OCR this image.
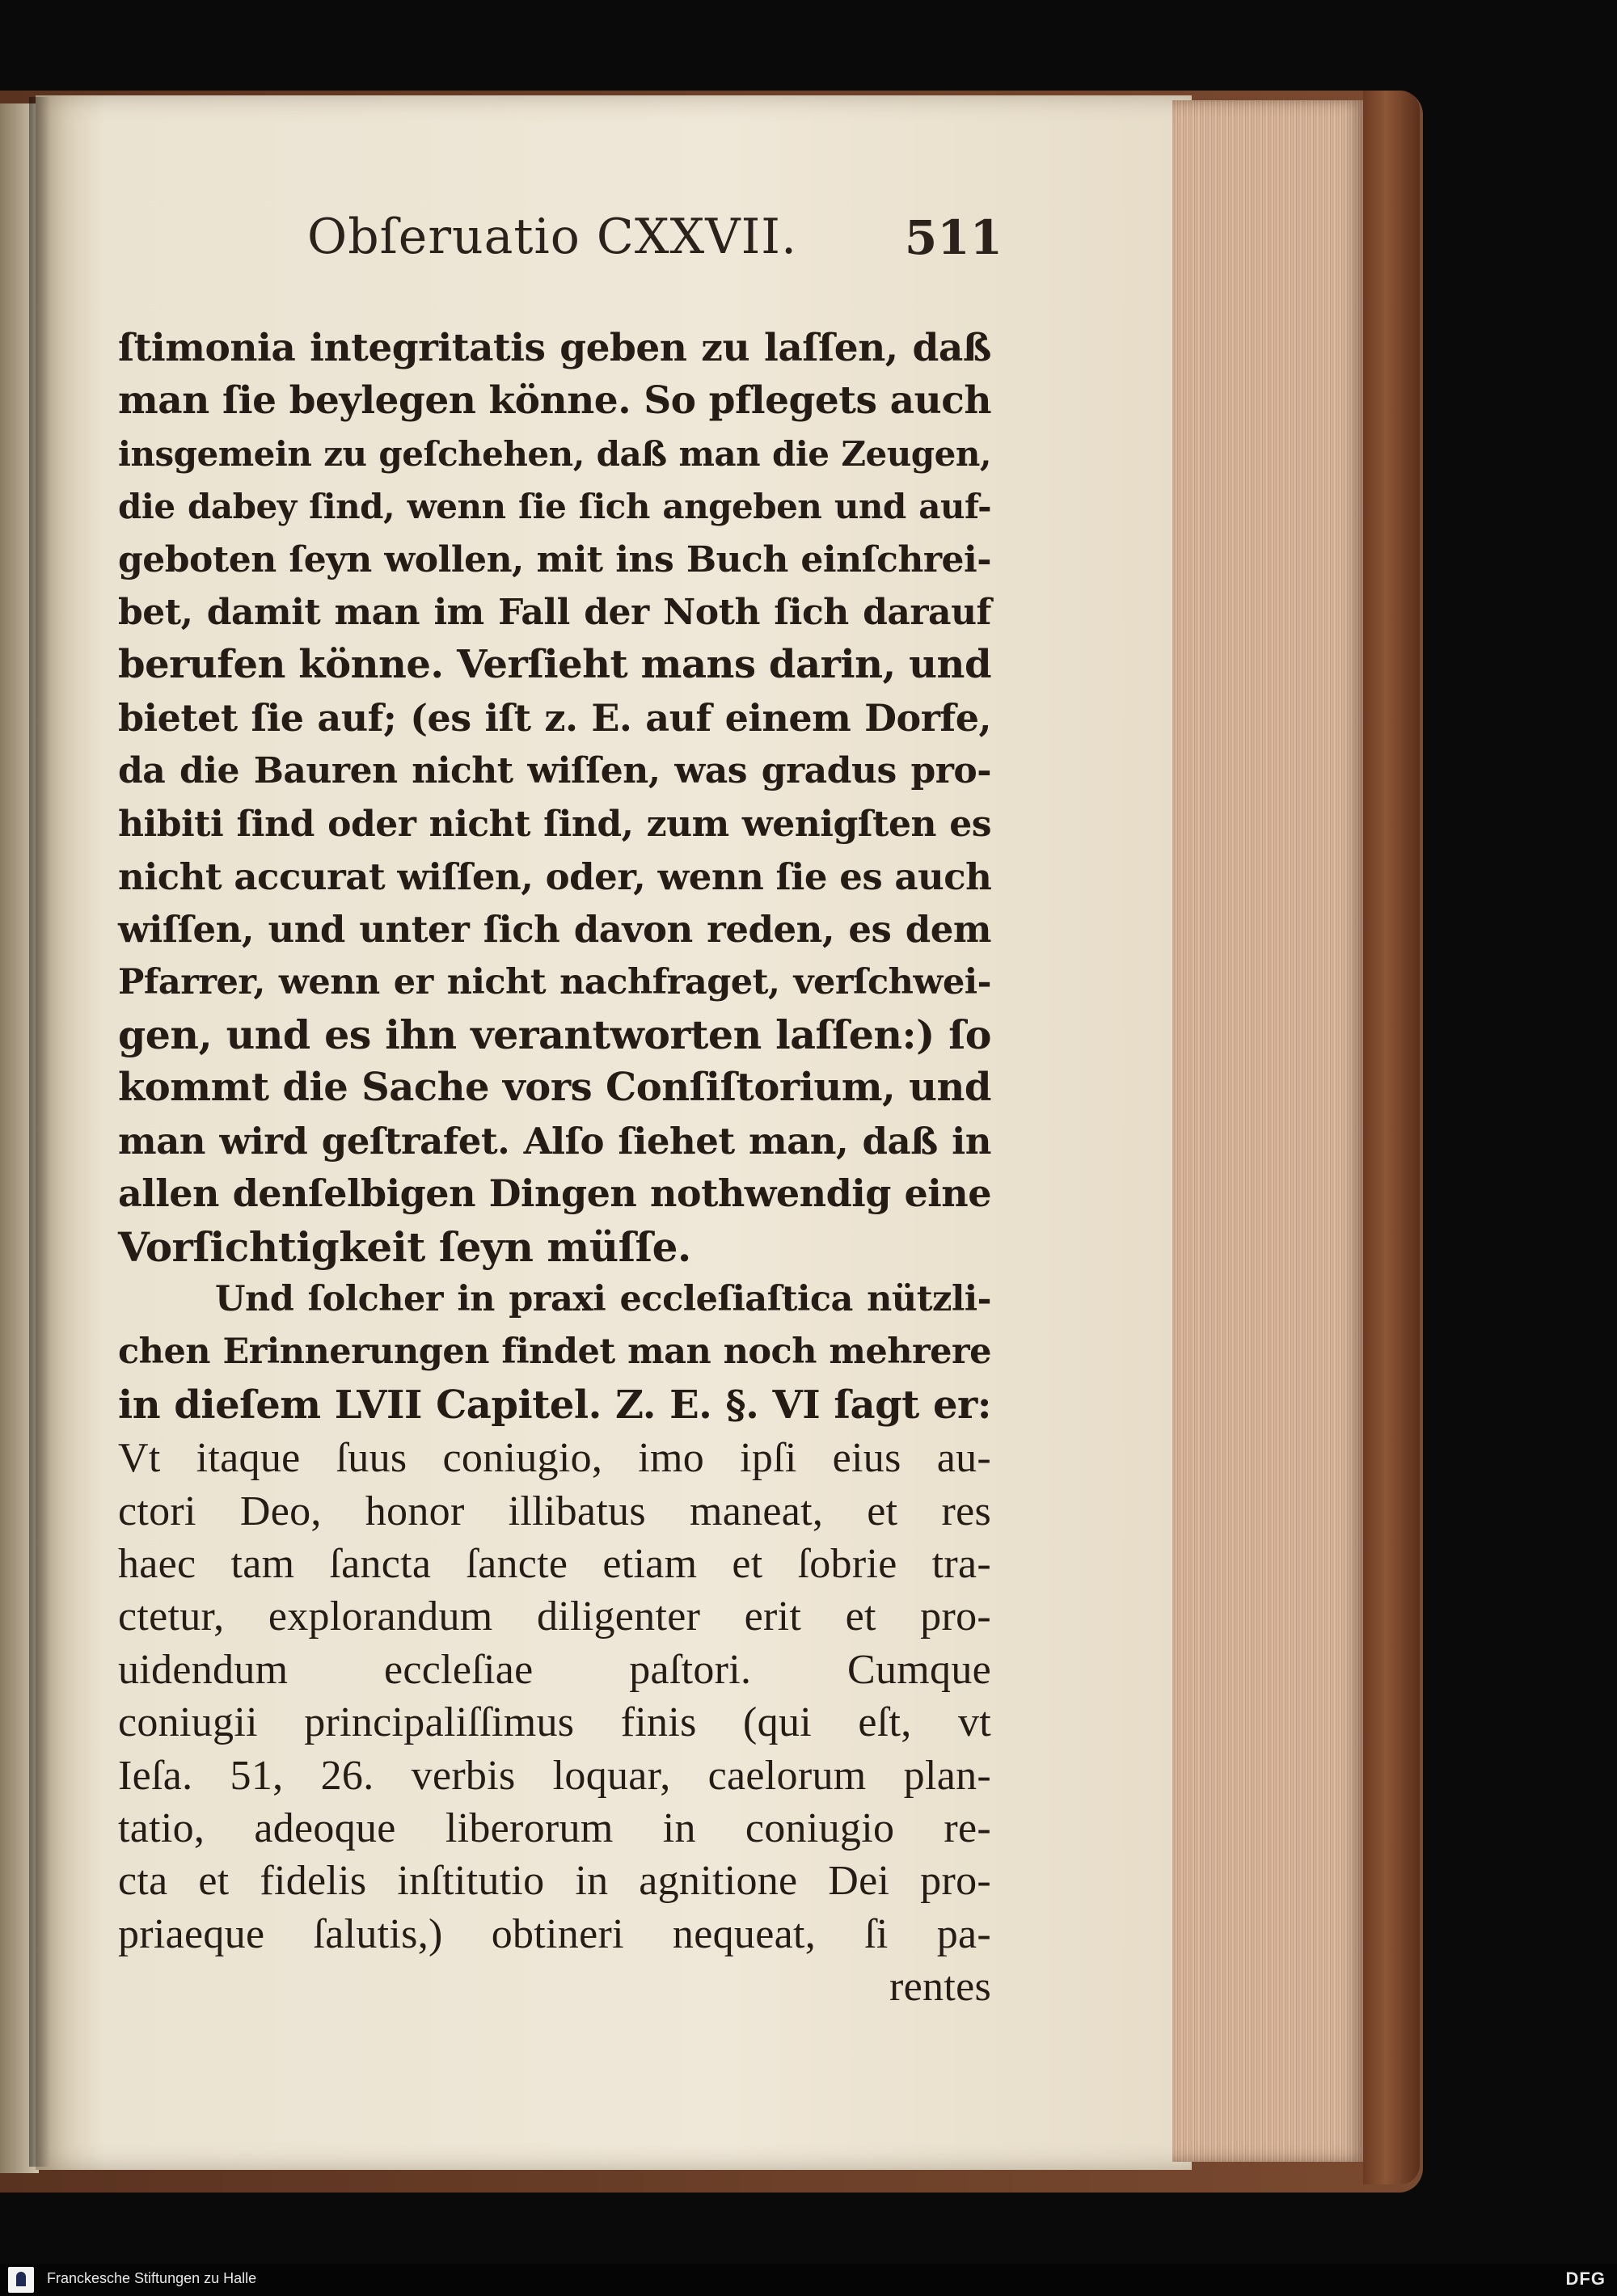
Obſeruatio CXXVII. 511
ſtimonia integritatis geben zu laſſen, daß
man ſie beylegen könne. So pflegets auch
insgemein zu geſchehen, daß man die Zeugen,
die dabey ſind, wenn ſie ſich angeben und auf-
geboten ſeyn wollen, mit ins Buch einſchrei-
bet, damit man im Fall der Noth ſich darauf
berufen könne. Verſieht mans darin, und
bietet ſie auf; (es iſt z. E. auf einem Dorfe,
da die Bauren nicht wiſſen, was gradus pro-
hibiti ſind oder nicht ſind, zum wenigſten es
nicht accurat wiſſen, oder, wenn ſie es auch
wiſſen, und unter ſich davon reden, es dem
Pfarrer, wenn er nicht nachfraget, verſchwei-
gen, und es ihn verantworten laſſen:) ſo
kommt die Sache vors Conſiſtorium, und
man wird geſtrafet. Alſo ſiehet man, daß in
allen denſelbigen Dingen nothwendig eine
Vorſichtigkeit ſeyn müſſe.
Und ſolcher in praxi eccleſiaſtica nützli-
chen Erinnerungen findet man noch mehrere
in dieſem LVII Capitel. Z. E. §. VI ſagt er:
Vt itaque ſuus coniugio, imo ipſi eius au-
ctori Deo, honor illibatus maneat, et res
haec tam ſancta ſancte etiam et ſobrie tra-
ctetur, explorandum diligenter erit et pro-
uidendum eccleſiae paſtori. Cumque
coniugii principaliſſimus finis (qui eſt, vt
Ieſa. 51, 26. verbis loquar, caelorum plan-
tatio, adeoque liberorum in coniugio re-
cta et fidelis inſtitutio in agnitione Dei pro-
priaeque ſalutis,) obtineri nequeat, ſi pa-
rentes
Franckesche Stiftungen zu Halle	DFG
